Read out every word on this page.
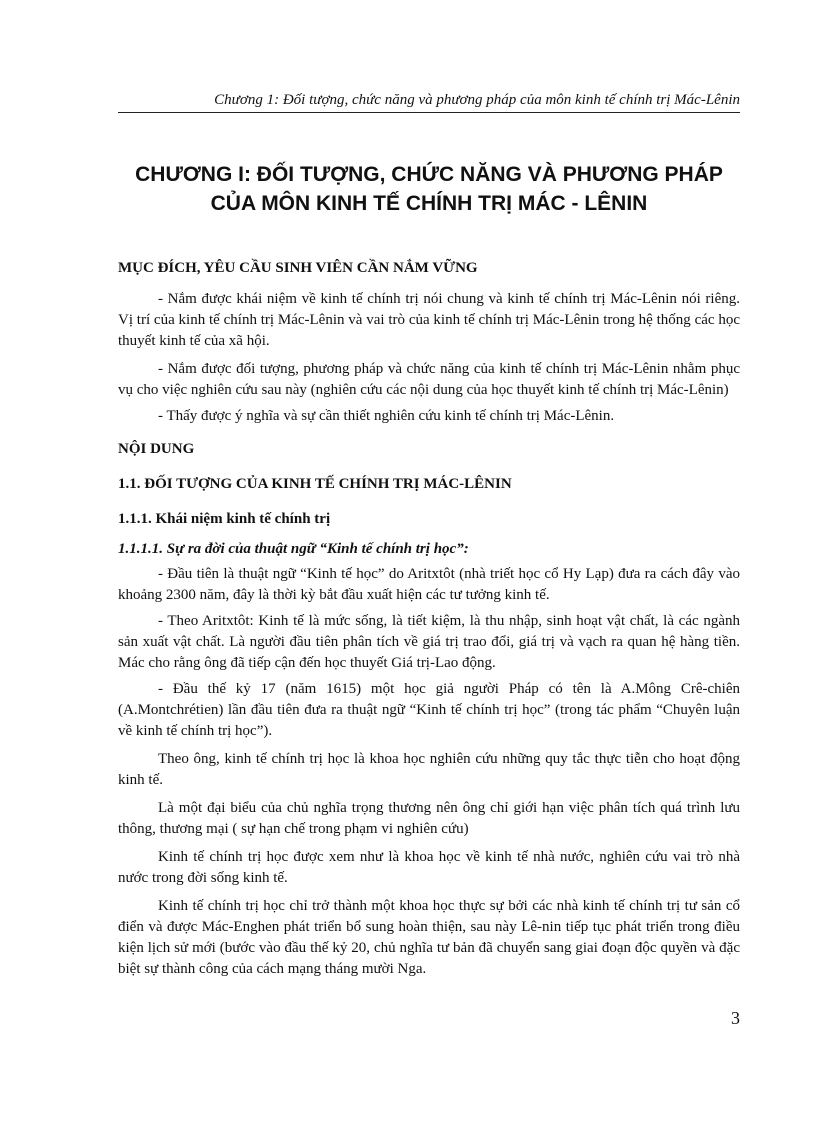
Chương 1: Đối tượng, chức năng và phương pháp của môn kinh tế chính trị Mác-Lênin
CHƯƠNG I: ĐỐI TƯỢNG, CHỨC NĂNG VÀ PHƯƠNG PHÁP
CỦA MÔN KINH TẾ CHÍNH TRỊ MÁC - LÊNIN

MỤC ĐÍCH, YÊU CẦU SINH VIÊN CẦN NẮM VỮNG

- Nắm được khái niệm về kinh tế chính trị nói chung và kinh tế chính trị Mác-Lênin nói riêng. Vị trí của kinh tế chính trị Mác-Lênin và vai trò của kinh tế chính trị Mác-Lênin trong hệ thống các học thuyết kinh tế của xã hội.

- Nắm được đối tượng, phương pháp và chức năng của kinh tế chính trị Mác-Lênin nhằm phục vụ cho việc nghiên cứu sau này (nghiên cứu các nội dung của học thuyết kinh tế chính trị Mác-Lênin)

- Thấy được ý nghĩa và sự cần thiết nghiên cứu kinh tế chính trị Mác-Lênin.

NỘI DUNG

1.1. ĐỐI TƯỢNG CỦA KINH TẾ CHÍNH TRỊ MÁC-LÊNIN

1.1.1. Khái niệm kinh tế chính trị

1.1.1.1. Sự ra đời của thuật ngữ “Kinh tế chính trị học”:

- Đầu tiên là thuật ngữ “Kinh tế học” do Aritxtôt (nhà triết học cổ Hy Lạp) đưa ra cách đây vào khoảng 2300 năm, đây là thời kỳ bắt đầu xuất hiện các tư tưởng kinh tế.

- Theo Aritxtôt: Kinh tế là mức sống, là tiết kiệm, là thu nhập, sinh hoạt vật chất, là các ngành sản xuất vật chất. Là người đầu tiên phân tích về giá trị trao đổi, giá trị và vạch ra quan hệ hàng tiền. Mác cho rằng ông đã tiếp cận đến học thuyết Giá trị-Lao động.

- Đầu thế kỷ 17 (năm 1615) một học giả người Pháp có tên là A.Mông Crê-chiên (A.Montchrétien) lần đầu tiên đưa ra thuật ngữ “Kinh tế chính trị học” (trong tác phẩm “Chuyên luận về kinh tế chính trị học”).

Theo ông, kinh tế chính trị học là khoa học nghiên cứu những quy tắc thực tiễn cho hoạt động kinh tế.

Là một đại biểu của chủ nghĩa trọng thương nên ông chỉ giới hạn việc phân tích quá trình lưu thông, thương mại ( sự hạn chế trong phạm vi nghiên cứu)

Kinh tế chính trị học được xem như là khoa học về kinh tế nhà nước, nghiên cứu vai trò nhà nước trong đời sống kinh tế.

Kinh tế chính trị học chỉ trở thành một khoa học thực sự bởi các nhà kinh tế chính trị tư sản cổ điển và được Mác-Enghen phát triển bổ sung hoàn thiện, sau này Lê-nin tiếp tục phát triển trong điều kiện lịch sử mới (bước vào đầu thế kỷ 20, chủ nghĩa tư bản đã chuyển sang giai đoạn độc quyền và đặc biệt sự thành công của cách mạng tháng mười Nga.

3
